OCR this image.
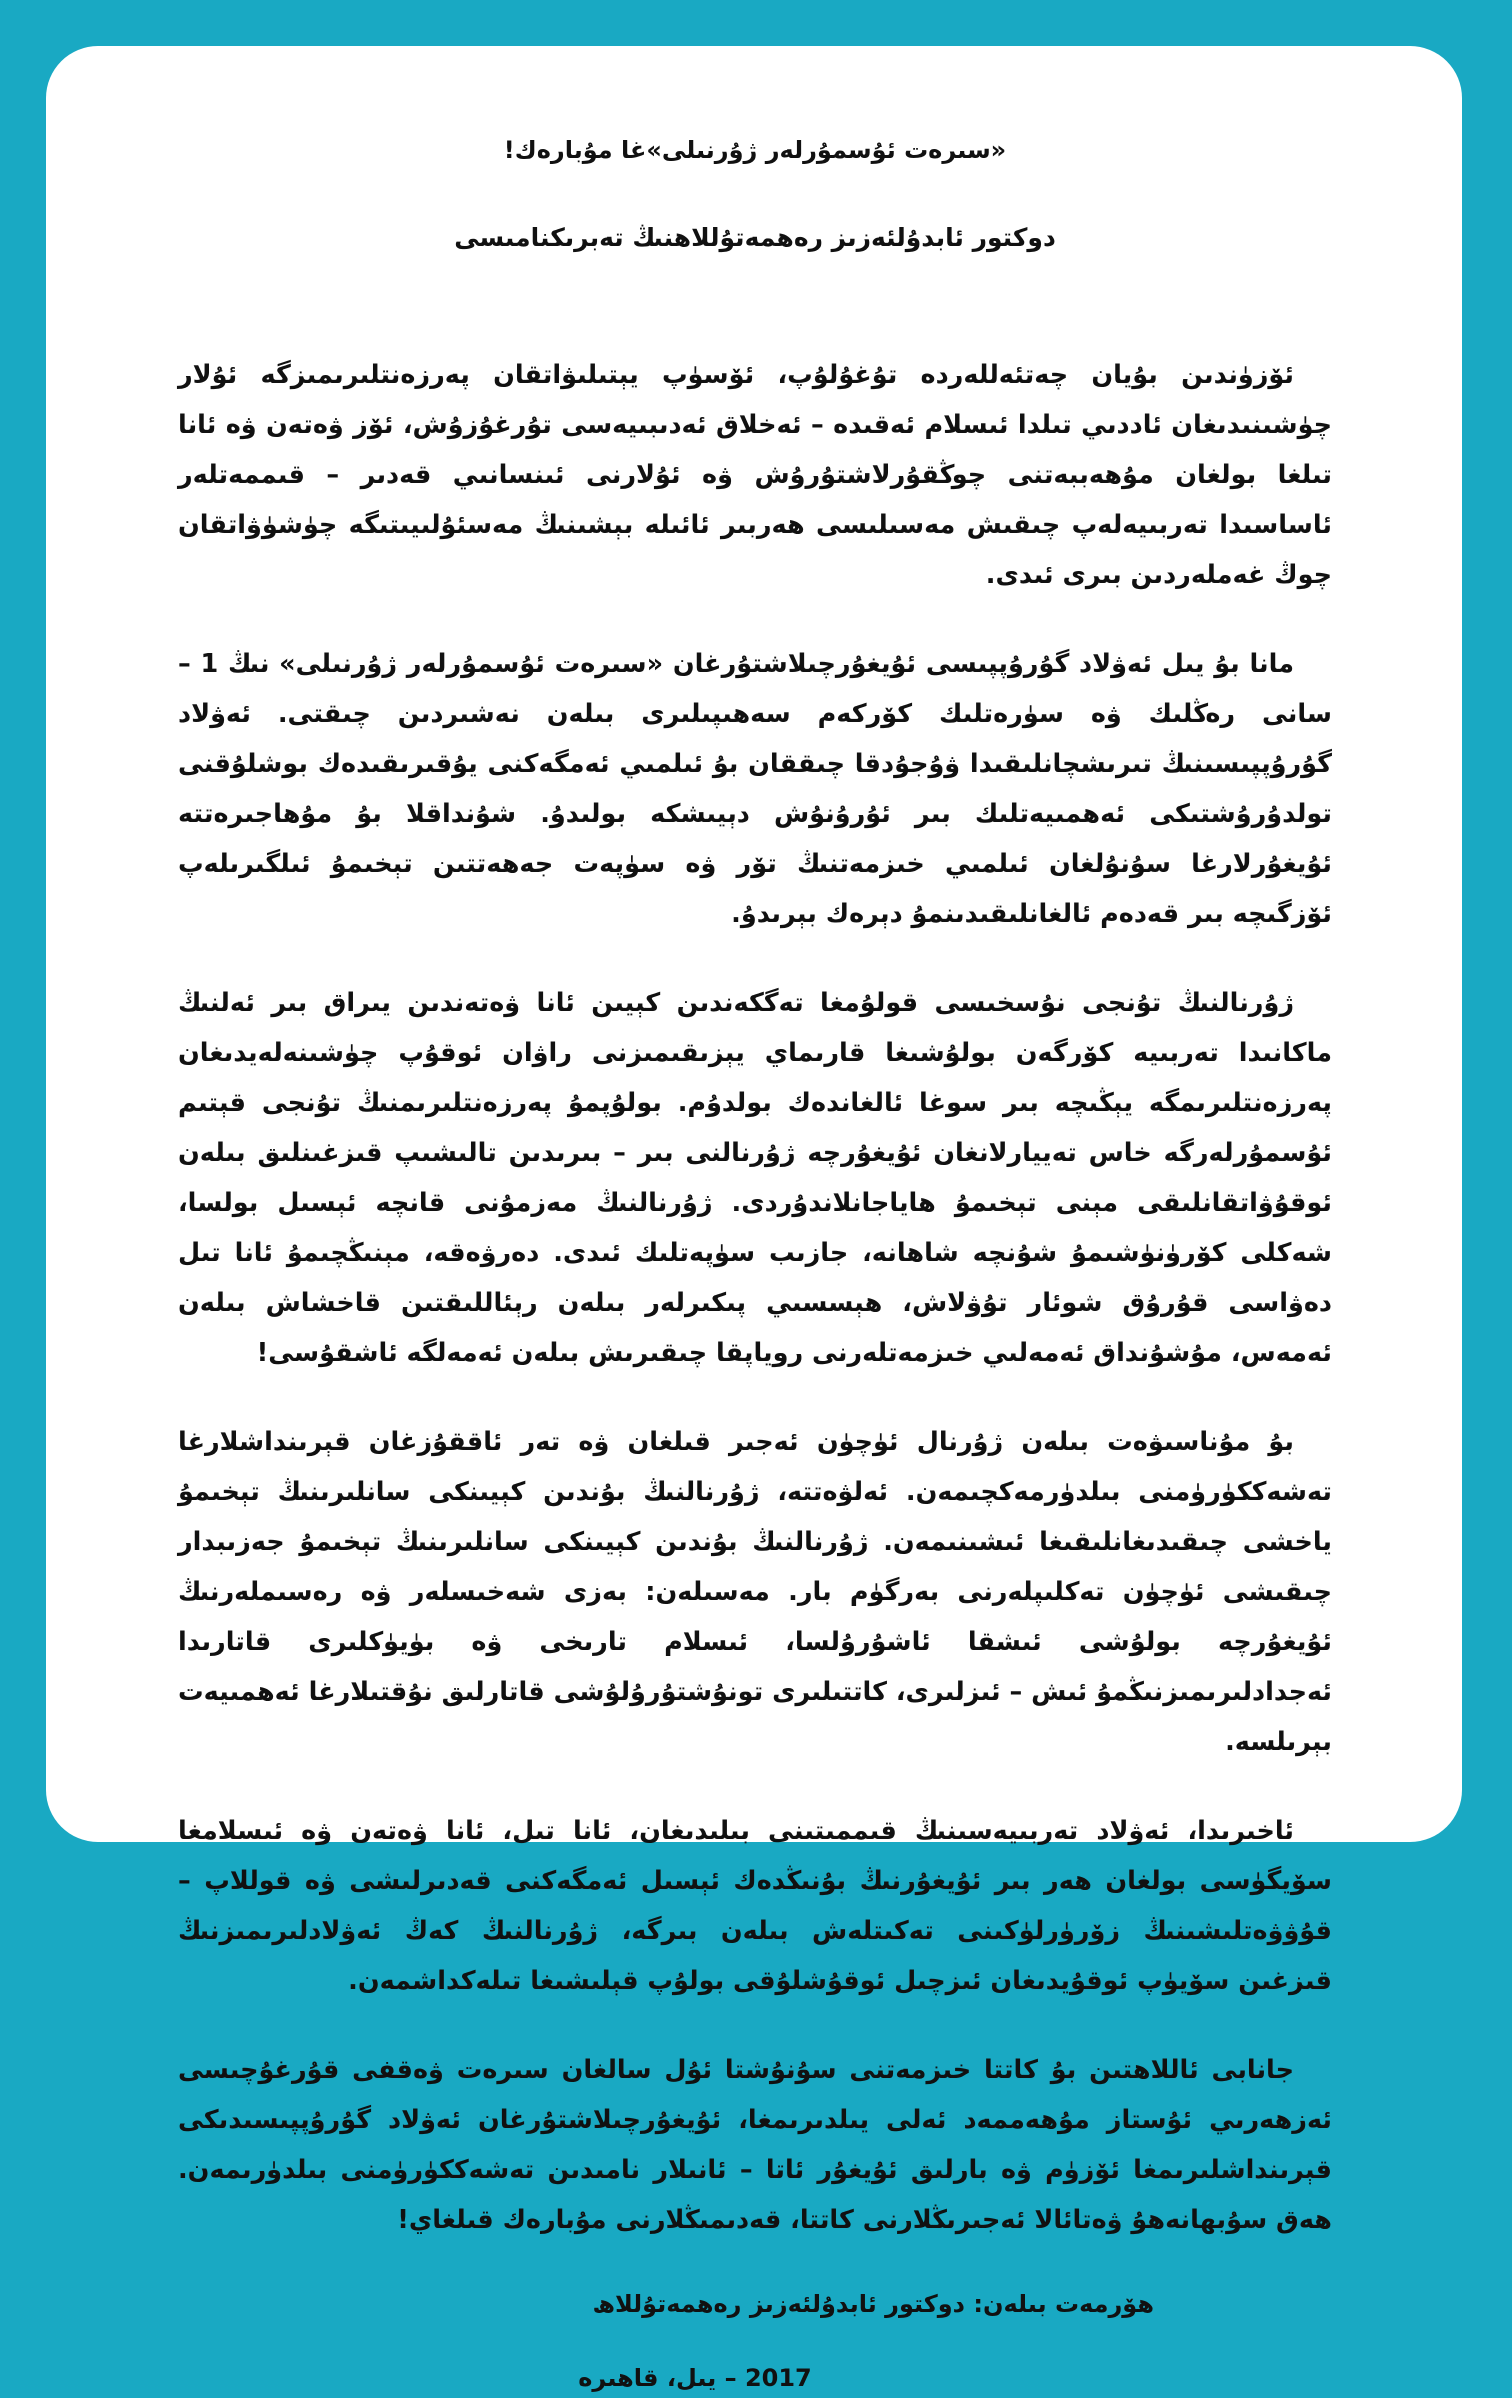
«سىرەت ئۇسمۇرلەر ژۇرنىلى»غا مۇبارەك!

دوكتور ئابدۇلئەزىز رەھمەتۇللاھنىڭ تەبرىكنامىسى

ئۆزۈندىن بۇيان چەتئەللەردە تۇغۇلۇپ، ئۆسۈپ يېتىلىۋاتقان پەرزەنتلىرىمىزگە ئۇلار چۈشىنىدىغان ئاددىي تىلدا ئىسلام ئەقىدە – ئەخلاق ئەدىبىيەسى تۇرغۇزۇش، ئۆز ۋەتەن ۋە ئانا تىلغا بولغان مۇھەببەتنى چوڭقۇرلاشتۇرۇش ۋە ئۇلارنى ئىنسانىي قەدىر – قىممەتلەر ئاساسىدا تەربىيەلەپ چىقىش مەسىلىسى ھەربىر ئائىلە بېشىنىڭ مەسئۇلىيىتىگە چۈشۈۋاتقان چوڭ غەملەردىن بىرى ئىدى.

مانا بۇ يىل ئەۋلاد گۇرۇپپىسى ئۇيغۇرچىلاشتۇرغان «سىرەت ئۇسمۇرلەر ژۇرنىلى» نىڭ 1 – سانى رەڭلىك ۋە سۈرەتلىك كۆركەم سەھىپىلىرى بىلەن نەشىردىن چىقتى. ئەۋلاد گۇرۇپپىسىنىڭ تىرىشچانلىقىدا ۋۇجۇدقا چىققان بۇ ئىلمىي ئەمگەكنى يۇقىرىقىدەك بوشلۇقنى تولدۇرۇشتىكى ئەھمىيەتلىك بىر ئۇرۇنۇش دېيىشكە بولىدۇ. شۇنداقلا بۇ مۇھاجىرەتتە ئۇيغۇرلارغا سۇنۇلغان ئىلمىي خىزمەتنىڭ تۆر ۋە سۈپەت جەھەتتىن تېخىمۇ ئىلگىرىلەپ ئۆزگىچە بىر قەدەم ئالغانلىقىدىنمۇ دېرەك بېرىدۇ.

ژۇرنالنىڭ تۇنجى نۇسخىسى قولۇمغا تەگكەندىن كېيىن ئانا ۋەتەندىن يىراق بىر ئەلنىڭ ماكانىدا تەربىيە كۆرگەن بولۇشىغا قارىماي يېزىقىمىزنى راۋان ئوقۇپ چۈشىنەلەيدىغان پەرزەنتلىرىمگە يېڭىچە بىر سوغا ئالغاندەك بولدۇم. بولۇپمۇ پەرزەنتلىرىمنىڭ تۇنجى قېتىم ئۇسمۇرلەرگە خاس تەييارلانغان ئۇيغۇرچە ژۇرنالنى بىر – بىرىدىن تالىشىپ قىزغىنلىق بىلەن ئوقۇۋاتقانلىقى مېنى تېخىمۇ ھاياجانلاندۇردى. ژۇرنالنىڭ مەزمۇنى قانچە ئېسىل بولسا، شەكلى كۆرۈنۈشىمۇ شۇنچە شاھانە، جازىب سۈپەتلىك ئىدى. دەرۋەقە، مېنىڭچىمۇ ئانا تىل دەۋاسى قۇرۇق شوئار تۇۋلاش، ھېسسىي پىكىرلەر بىلەن رېئاللىقتىن قاخشاش بىلەن ئەمەس، مۇشۇنداق ئەمەلىي خىزمەتلەرنى روياپقا چىقىرىش بىلەن ئەمەلگە ئاشقۇسى!

بۇ مۇناسىۋەت بىلەن ژۇرنال ئۈچۈن ئەجىر قىلغان ۋە تەر ئاققۇزغان قېرىنداشلارغا تەشەككۈرۈمنى بىلدۈرمەكچىمەن. ئەلۋەتتە، ژۇرنالنىڭ بۇندىن كېيىنكى سانلىرىنىڭ تېخىمۇ ياخشى چىقىدىغانلىقىغا ئىشىنىمەن. ژۇرنالنىڭ بۇندىن كېيىنكى سانلىرىنىڭ تېخىمۇ جەزىبدار چىقىشى ئۈچۈن تەكلىپلەرنى بەرگۈم بار. مەسىلەن: بەزى شەخىسلەر ۋە رەسىملەرنىڭ ئۇيغۇرچە بولۇشى ئىشقا ئاشۇرۇلسا، ئىسلام تارىخى ۋە بۈيۈكلىرى قاتارىدا ئەجدادلىرىمىزنىڭمۇ ئىش – ئىزلىرى، كاتتىلىرى تونۇشتۇرۇلۇشى قاتارلىق نۇقتىلارغا ئەھمىيەت بېرىلسە.

ئاخىرىدا، ئەۋلاد تەربىيەسىنىڭ قىممىتىنى بىلىدىغان، ئانا تىل، ئانا ۋەتەن ۋە ئىسلامغا سۆيگۈسى بولغان ھەر بىر ئۇيغۇرنىڭ بۇنىڭدەك ئېسىل ئەمگەكنى قەدىرلىشى ۋە قوللاپ – قۇۋۋەتلىشىنىڭ زۆرۈرلۈكىنى تەكىتلەش بىلەن بىرگە، ژۇرنالنىڭ كەڭ ئەۋلادلىرىمىزنىڭ قىزغىن سۆيۈپ ئوقۇيدىغان ئىزچىل ئوقۇشلۇقى بولۇپ قېلىشىغا تىلەكداشمەن.

جانابى ئاللاھتىن بۇ كاتتا خىزمەتنى سۇنۇشتا ئۇل سالغان سىرەت ۋەقفى قۇرغۇچىسى ئەزھەرىي ئۇستاز مۇھەممەد ئەلى يىلدىرىمغا، ئۇيغۇرچىلاشتۇرغان ئەۋلاد گۇرۇپپىسىدىكى قېرىنداشلىرىمغا ئۆزۈم ۋە بارلىق ئۇيغۇر ئاتا – ئانىلار نامىدىن تەشەككۈرۈمنى بىلدۈرىمەن. ھەق سۇبھانەھۇ ۋەتائالا ئەجىرىڭلارنى كاتتا، قەدىمىڭلارنى مۇبارەك قىلغاي!

ھۆرمەت بىلەن: دوكتور ئابدۇلئەزىز رەھمەتۇللاھ

2017 – يىل، قاھىرە
